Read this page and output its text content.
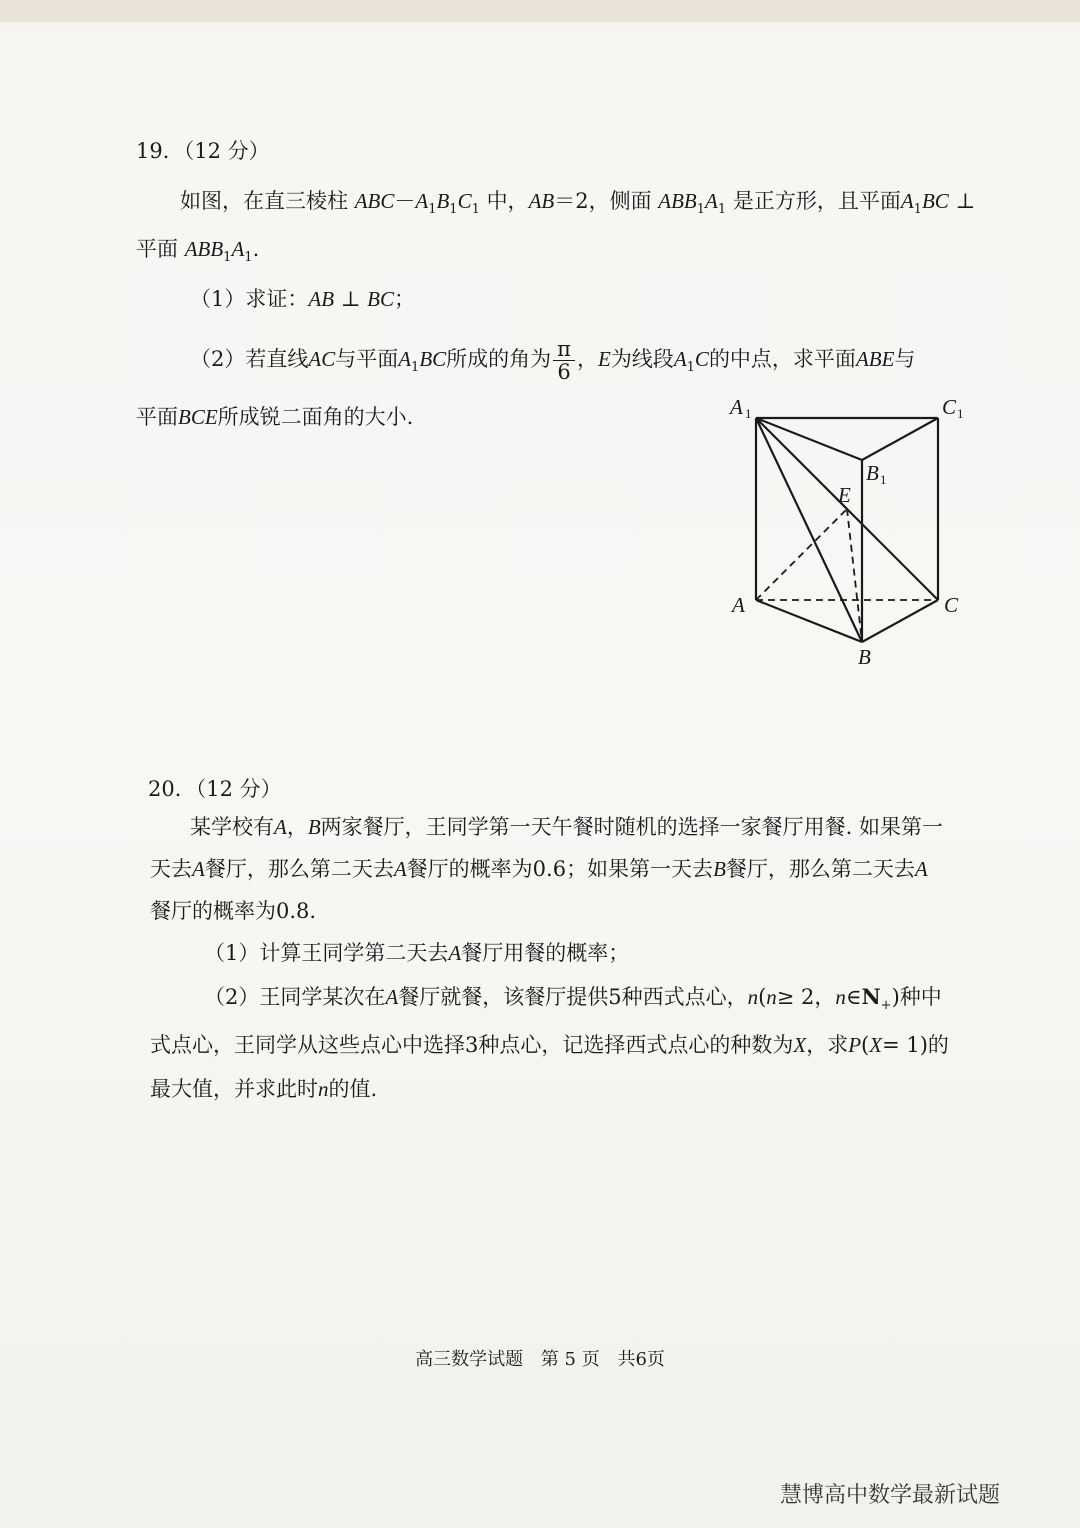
19．（12 分）
如图，在直三棱柱 $ABC-A_1B_1C_1$ 中，AB＝2，侧面 $ABB_1A_1$ 是正方形，且平面$A_1BC$ ⊥
平面 $ABB_1A_1$.
（1）求证：AB ⊥ BC；
（2）若直线AC与平面$A_1BC$所成的角为 $\frac{\pi}{6}$ ，E为线段$A_1C$的中点，求平面ABE与
平面BCE所成锐二面角的大小.	A 1	C 1
B 1
E
A	C
B
20．（12 分）
某学校有A，B两家餐厅，王同学第一天午餐时随机的选择一家餐厅用餐. 如果第一
天去A餐厅，那么第二天去A餐厅的概率为0.6；如果第一天去B餐厅，那么第二天去A
餐厅的概率为0.8.
（1）计算王同学第二天去A餐厅用餐的概率；
（2）王同学某次在A餐厅就餐，该餐厅提供5种西式点心，n(n≥ 2，$n\in N_+$)种中
式点心，王同学从这些点心中选择3种点心，记选择西式点心的种数为X，求P(X= 1)的
最大值，并求此时n的值.
高三数学试题 第 5 页 共6页
慧博高中数学最新试题
